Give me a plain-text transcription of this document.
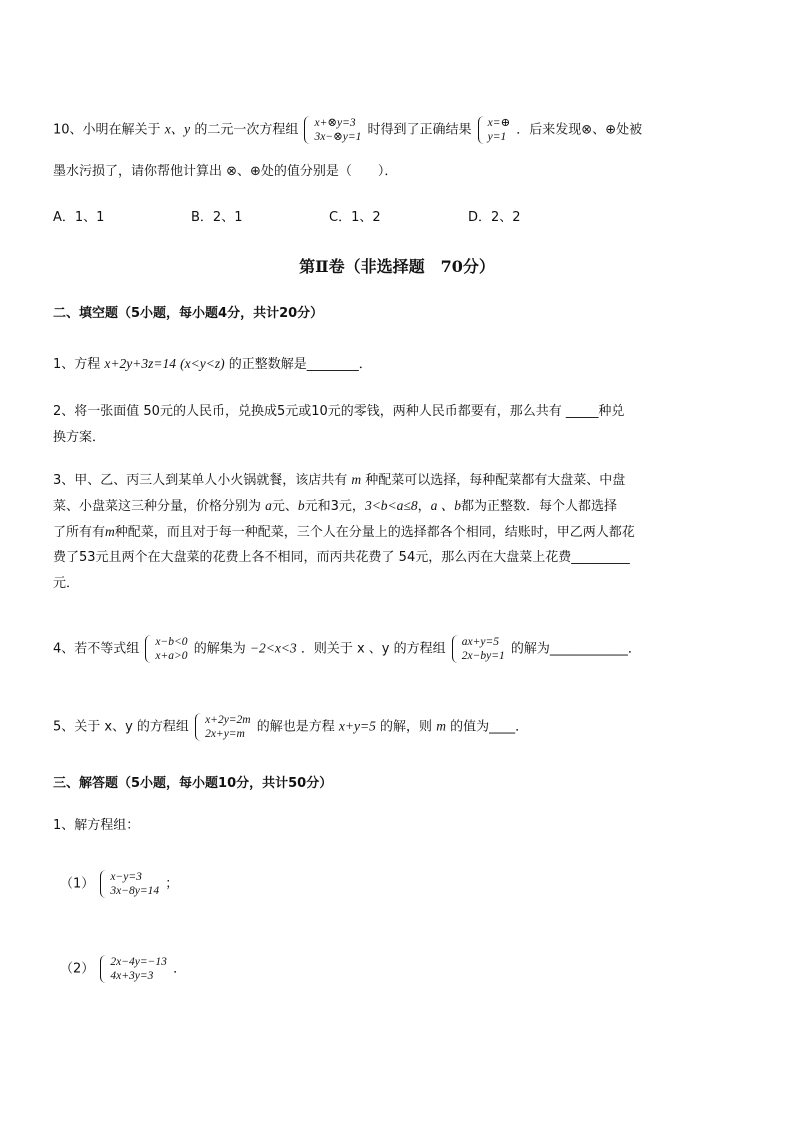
10、小明在解关于 x、y 的二元一次方程组 x+⊗y=3
3x−⊗y=1 时得到了正确结果 x=⊕
y=1 ．后来发现⊗、⊕处被
墨水污损了，请你帮他计算出 ⊗、⊕处的值分别是（　　）．
A．1、1	B．2、1	C．1、2	D．2、2
第Ⅱ卷（非选择题　70分）
二、填空题（5小题，每小题4分，共计20分）
1、方程 x+2y+3z=14 (x<y<z) 的正整数解是________．
2、将一张面值 50元的人民币，兑换成5元或10元的零钱，两种人民币都要有，那么共有 _____种兑
换方案．
3、甲、乙、丙三人到某单人小火锅就餐，该店共有 m 种配菜可以选择，每种配菜都有大盘菜、中盘
菜、小盘菜这三种分量，价格分别为 a元、b元和3元，3<b<a≤8，a 、b都为正整数．每个人都选择
了所有有m种配菜，而且对于每一种配菜，三个人在分量上的选择都各个相同，结账时，甲乙两人都花
费了53元且两个在大盘菜的花费上各不相同，而丙共花费了 54元，那么丙在大盘菜上花费_________
元．
4、若不等式组 x−b<0
x+a>0 的解集为 −2<x<3 ．则关于 x 、y 的方程组 ax+y=5
2x−by=1 的解为____________．
5、关于 x、y 的方程组 x+2y=2m
2x+y=m 的解也是方程 x+y=5 的解，则 m 的值为____．
三、解答题（5小题，每小题10分，共计50分）
1、解方程组：
（1） x−y=3
3x−8y=14 ；
（2） 2x−4y=−13
4x+3y=3	．
